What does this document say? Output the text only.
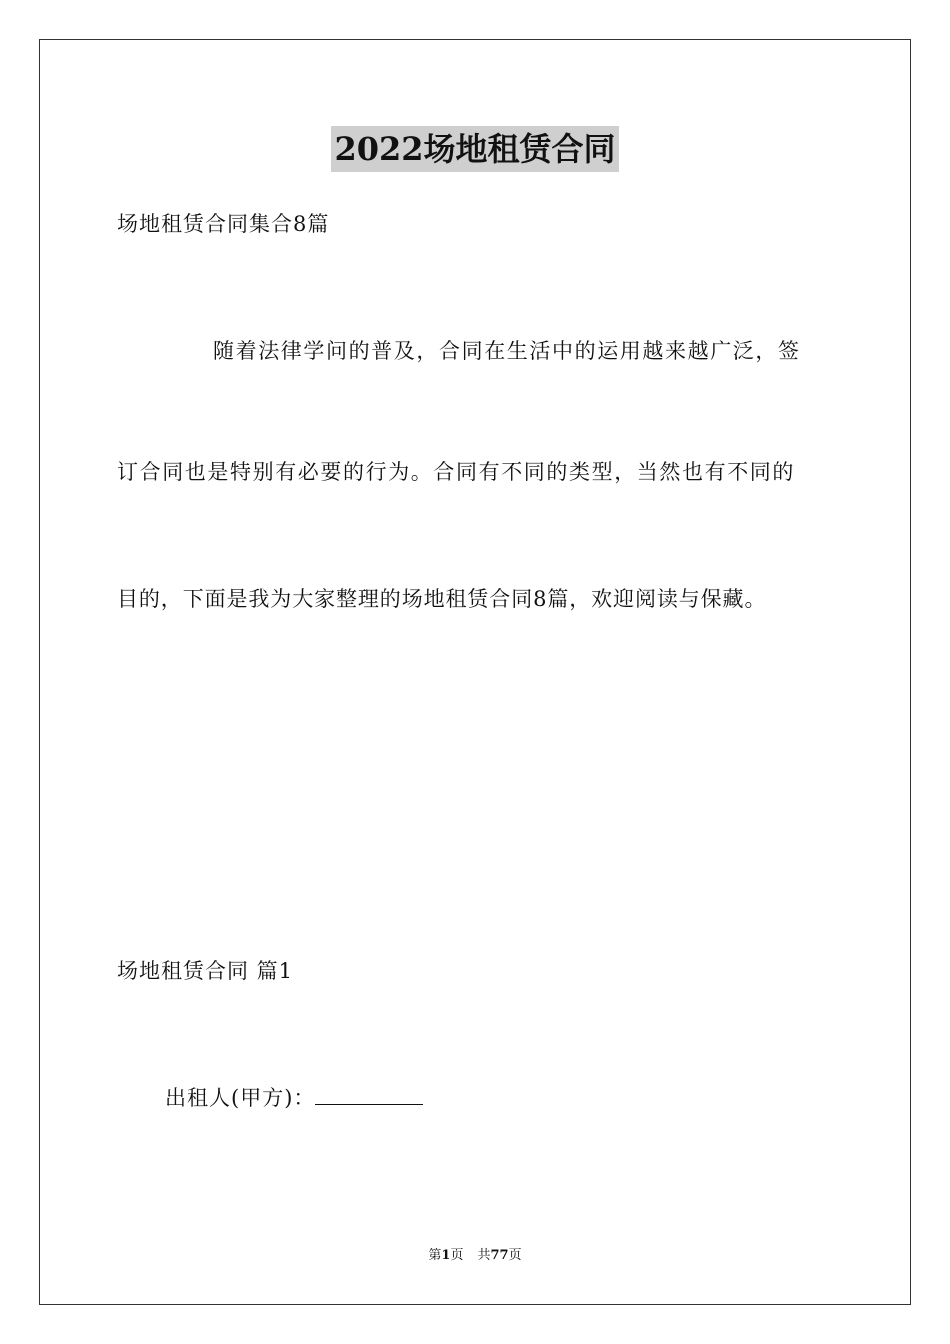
2022场地租赁合同
场地租赁合同集合8篇
随着法律学问的普及，合同在生活中的运用越来越广泛，签
订合同也是特别有必要的行为。合同有不同的类型，当然也有不同的
目的，下面是我为大家整理的场地租赁合同8篇，欢迎阅读与保藏。
场地租赁合同 篇1
出租人(甲方)：
第1页 共77页
